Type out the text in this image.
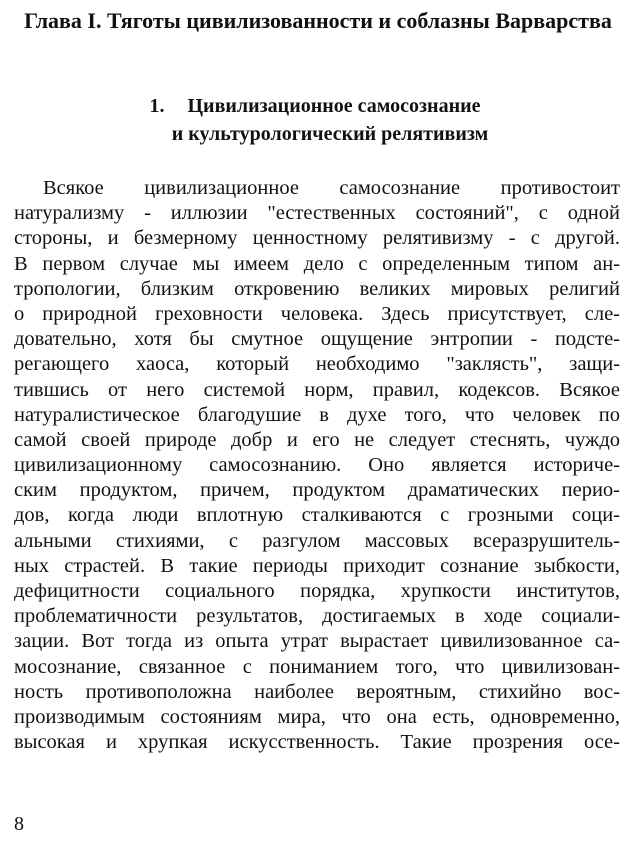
Глава I. Тяготы цивилизованности и соблазны Варварства
1. Цивилизационное самосознание
и культурологический релятивизм
Всякое цивилизационное самосознание противостоит
натурализму - иллюзии "естественных состояний", с одной
стороны, и безмерному ценностному релятивизму - с другой.
В первом случае мы имеем дело с определенным типом ан-
тропологии, близким откровению великих мировых религий
о природной греховности человека. Здесь присутствует, сле-
довательно, хотя бы смутное ощущение энтропии - подсте-
регающего хаоса, который необходимо "заклясть", защи-
тившись от него системой норм, правил, кодексов. Всякое
натуралистическое благодушие в духе того, что человек по
самой своей природе добр и его не следует стеснять, чуждо
цивилизационному самосознанию. Оно является историче-
ским продуктом, причем, продуктом драматических перио-
дов, когда люди вплотную сталкиваются с грозными соци-
альными стихиями, с разгулом массовых всеразрушитель-
ных страстей. В такие периоды приходит сознание зыбкости,
дефицитности социального порядка, хрупкости институтов,
проблематичности результатов, достигаемых в ходе социали-
зации. Вот тогда из опыта утрат вырастает цивилизованное са-
мосознание, связанное с пониманием того, что цивилизован-
ность противоположна наиболее вероятным, стихийно вос-
производимым состояниям мира, что она есть, одновременно,
высокая и хрупкая искусственность. Такие прозрения осе-
8
